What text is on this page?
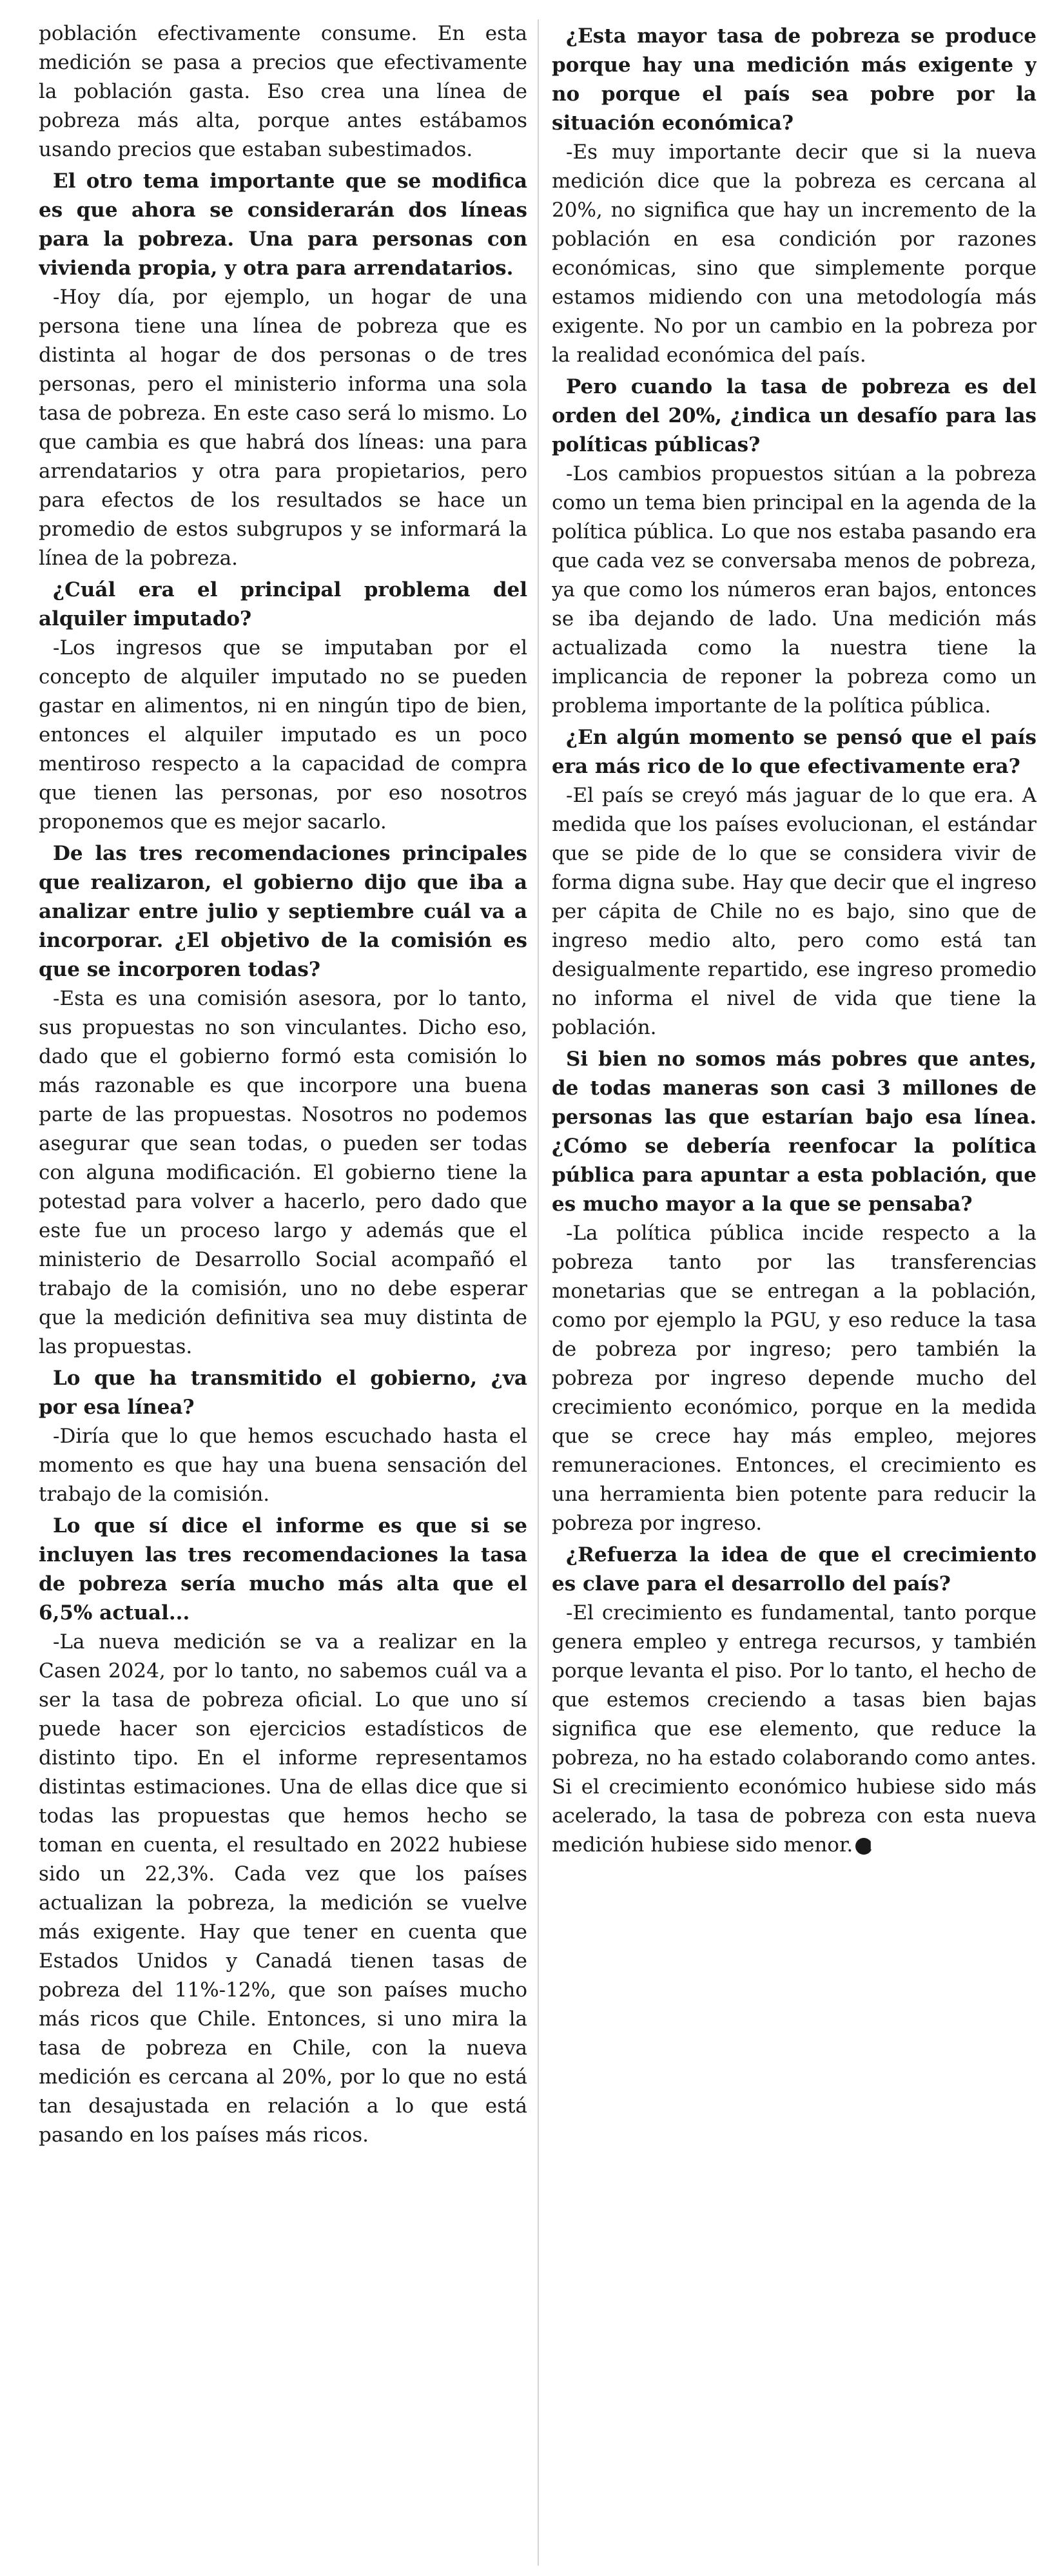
población efectivamente consume. En esta medición se pasa a precios que efectivamente la población gasta. Eso crea una línea de pobreza más alta, porque antes estábamos usando precios que estaban subestimados.

El otro tema importante que se modifica es que ahora se considerarán dos líneas para la pobreza. Una para personas con vivienda propia, y otra para arrendatarios.

-Hoy día, por ejemplo, un hogar de una persona tiene una línea de pobreza que es distinta al hogar de dos personas o de tres personas, pero el ministerio informa una sola tasa de pobreza. En este caso será lo mismo. Lo que cambia es que habrá dos líneas: una para arrendatarios y otra para propietarios, pero para efectos de los resultados se hace un promedio de estos subgrupos y se informará la línea de la pobreza.

¿Cuál era el principal problema del alquiler imputado?

-Los ingresos que se imputaban por el concepto de alquiler imputado no se pueden gastar en alimentos, ni en ningún tipo de bien, entonces el alquiler imputado es un poco mentiroso respecto a la capacidad de compra que tienen las personas, por eso nosotros proponemos que es mejor sacarlo.

De las tres recomendaciones principales que realizaron, el gobierno dijo que iba a analizar entre julio y septiembre cuál va a incorporar. ¿El objetivo de la comisión es que se incorporen todas?

-Esta es una comisión asesora, por lo tanto, sus propuestas no son vinculantes. Dicho eso, dado que el gobierno formó esta comisión lo más razonable es que incorpore una buena parte de las propuestas. Nosotros no podemos asegurar que sean todas, o pueden ser todas con alguna modificación. El gobierno tiene la potestad para volver a hacerlo, pero dado que este fue un proceso largo y además que el ministerio de Desarrollo Social acompañó el trabajo de la comisión, uno no debe esperar que la medición definitiva sea muy distinta de las propuestas.

Lo que ha transmitido el gobierno, ¿va por esa línea?

-Diría que lo que hemos escuchado hasta el momento es que hay una buena sensación del trabajo de la comisión.

Lo que sí dice el informe es que si se incluyen las tres recomendaciones la tasa de pobreza sería mucho más alta que el 6,5% actual...

-La nueva medición se va a realizar en la Casen 2024, por lo tanto, no sabemos cuál va a ser la tasa de pobreza oficial. Lo que uno sí puede hacer son ejercicios estadísticos de distinto tipo. En el informe representamos distintas estimaciones. Una de ellas dice que si todas las propuestas que hemos hecho se toman en cuenta, el resultado en 2022 hubiese sido un 22,3%. Cada vez que los países actualizan la pobreza, la medición se vuelve más exigente. Hay que tener en cuenta que Estados Unidos y Canadá tienen tasas de pobreza del 11%-12%, que son países mucho más ricos que Chile. Entonces, si uno mira la tasa de pobreza en Chile, con la nueva medición es cercana al 20%, por lo que no está tan desajustada en relación a lo que está pasando en los países más ricos.

¿Esta mayor tasa de pobreza se produce porque hay una medición más exigente y no porque el país sea pobre por la situación económica?

-Es muy importante decir que si la nueva medición dice que la pobreza es cercana al 20%, no significa que hay un incremento de la población en esa condición por razones económicas, sino que simplemente porque estamos midiendo con una metodología más exigente. No por un cambio en la pobreza por la realidad económica del país.

Pero cuando la tasa de pobreza es del orden del 20%, ¿indica un desafío para las políticas públicas?

-Los cambios propuestos sitúan a la pobreza como un tema bien principal en la agenda de la política pública. Lo que nos estaba pasando era que cada vez se conversaba menos de pobreza, ya que como los números eran bajos, entonces se iba dejando de lado. Una medición más actualizada como la nuestra tiene la implicancia de reponer la pobreza como un problema importante de la política pública.

¿En algún momento se pensó que el país era más rico de lo que efectivamente era?

-El país se creyó más jaguar de lo que era. A medida que los países evolucionan, el estándar que se pide de lo que se considera vivir de forma digna sube. Hay que decir que el ingreso per cápita de Chile no es bajo, sino que de ingreso medio alto, pero como está tan desigualmente repartido, ese ingreso promedio no informa el nivel de vida que tiene la población.

Si bien no somos más pobres que antes, de todas maneras son casi 3 millones de personas las que estarían bajo esa línea. ¿Cómo se debería reenfocar la política pública para apuntar a esta población, que es mucho mayor a la que se pensaba?

-La política pública incide respecto a la pobreza tanto por las transferencias monetarias que se entregan a la población, como por ejemplo la PGU, y eso reduce la tasa de pobreza por ingreso; pero también la pobreza por ingreso depende mucho del crecimiento económico, porque en la medida que se crece hay más empleo, mejores remuneraciones. Entonces, el crecimiento es una herramienta bien potente para reducir la pobreza por ingreso.

¿Refuerza la idea de que el crecimiento es clave para el desarrollo del país?

-El crecimiento es fundamental, tanto porque genera empleo y entrega recursos, y también porque levanta el piso. Por lo tanto, el hecho de que estemos creciendo a tasas bien bajas significa que ese elemento, que reduce la pobreza, no ha estado colaborando como antes. Si el crecimiento económico hubiese sido más acelerado, la tasa de pobreza con esta nueva medición hubiese sido menor. P
